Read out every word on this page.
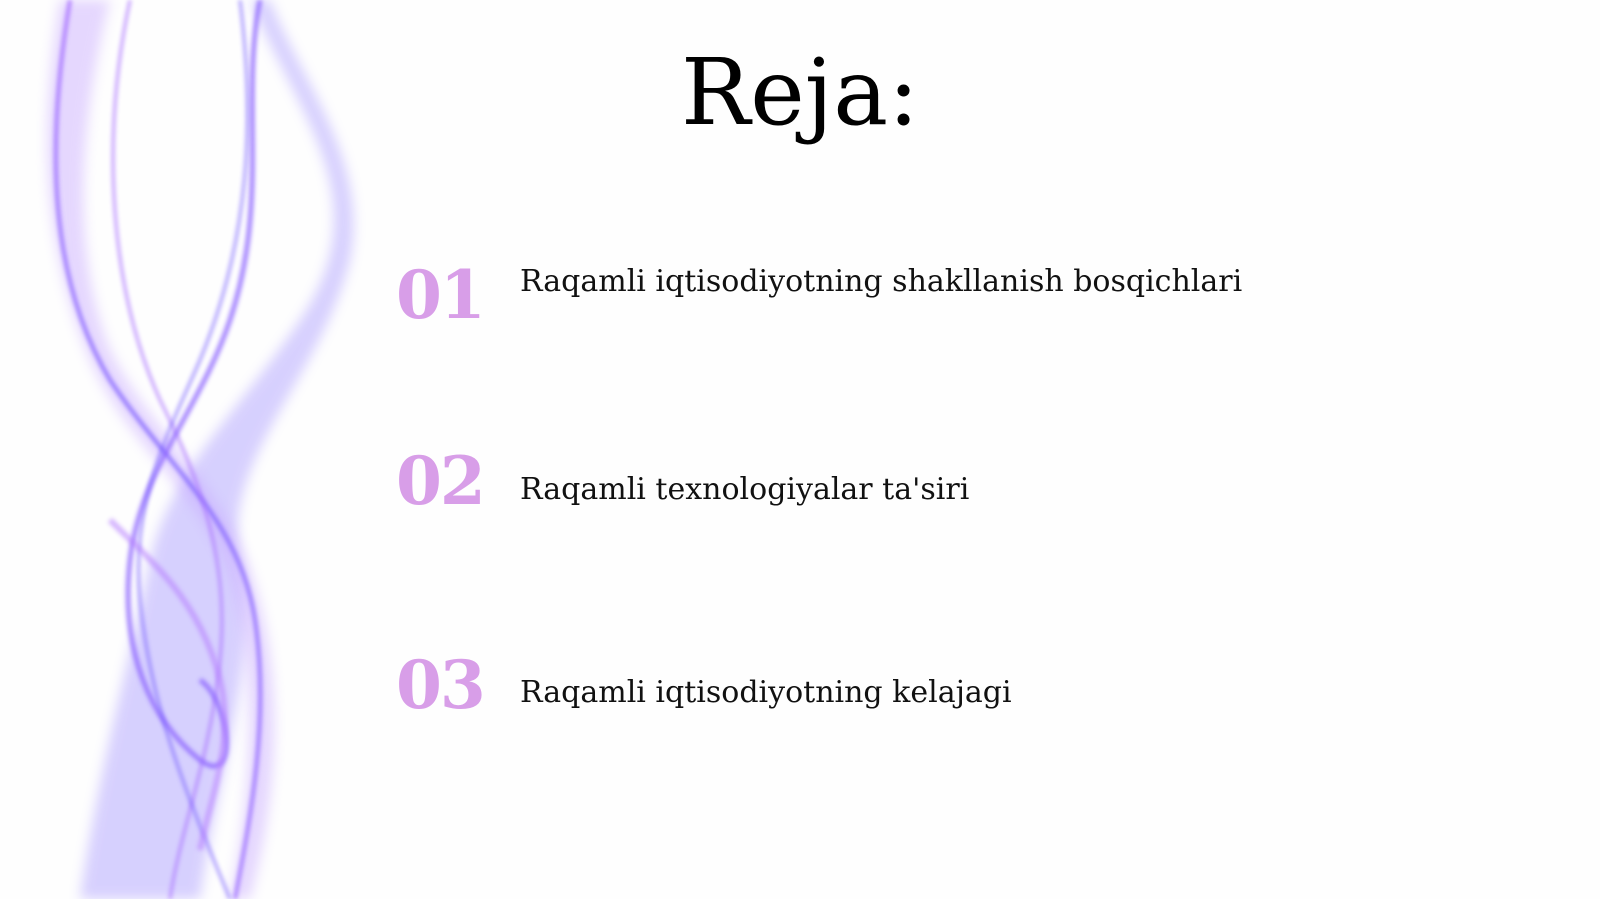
Reja:
01 Raqamli iqtisodiyotning shakllanish bosqichlari
02 Raqamli texnologiyalar ta'siri
03 Raqamli iqtisodiyotning kelajagi
